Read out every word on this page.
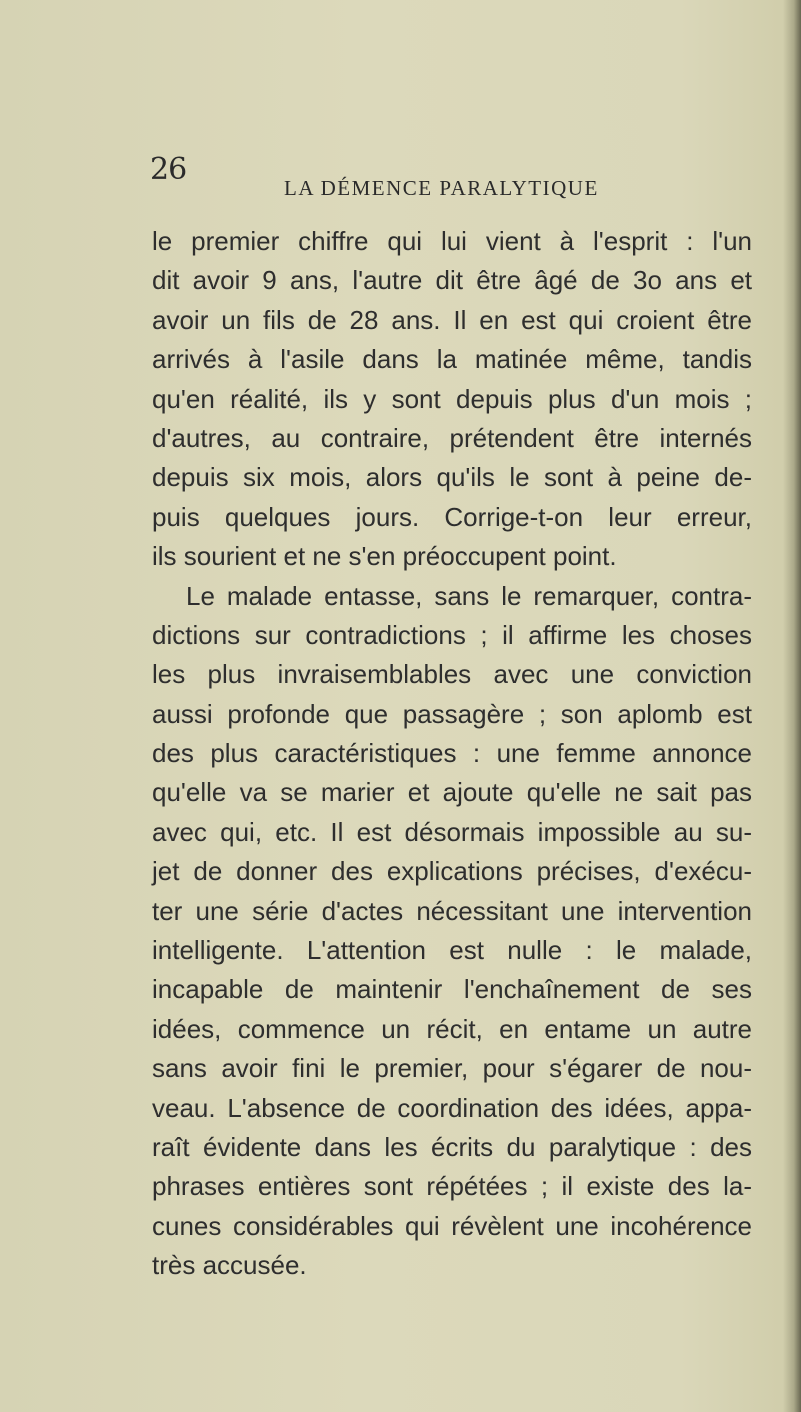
26
LA DÉMENCE PARALYTIQUE
le premier chiffre qui lui vient à l'esprit : l'un
dit avoir 9 ans, l'autre dit être âgé de 3o ans et
avoir un fils de 28 ans. Il en est qui croient être
arrivés à l'asile dans la matinée même, tandis
qu'en réalité, ils y sont depuis plus d'un mois ;
d'autres, au contraire, prétendent être internés
depuis six mois, alors qu'ils le sont à peine de-
puis quelques jours. Corrige-t-on leur erreur,
ils sourient et ne s'en préoccupent point.
Le malade entasse, sans le remarquer, contra-
dictions sur contradictions ; il affirme les choses
les plus invraisemblables avec une conviction
aussi profonde que passagère ; son aplomb est
des plus caractéristiques : une femme annonce
qu'elle va se marier et ajoute qu'elle ne sait pas
avec qui, etc. Il est désormais impossible au su-
jet de donner des explications précises, d'exécu-
ter une série d'actes nécessitant une intervention
intelligente. L'attention est nulle : le malade,
incapable de maintenir l'enchaînement de ses
idées, commence un récit, en entame un autre
sans avoir fini le premier, pour s'égarer de nou-
veau. L'absence de coordination des idées, appa-
raît évidente dans les écrits du paralytique : des
phrases entières sont répétées ; il existe des la-
cunes considérables qui révèlent une incohérence
très accusée.
